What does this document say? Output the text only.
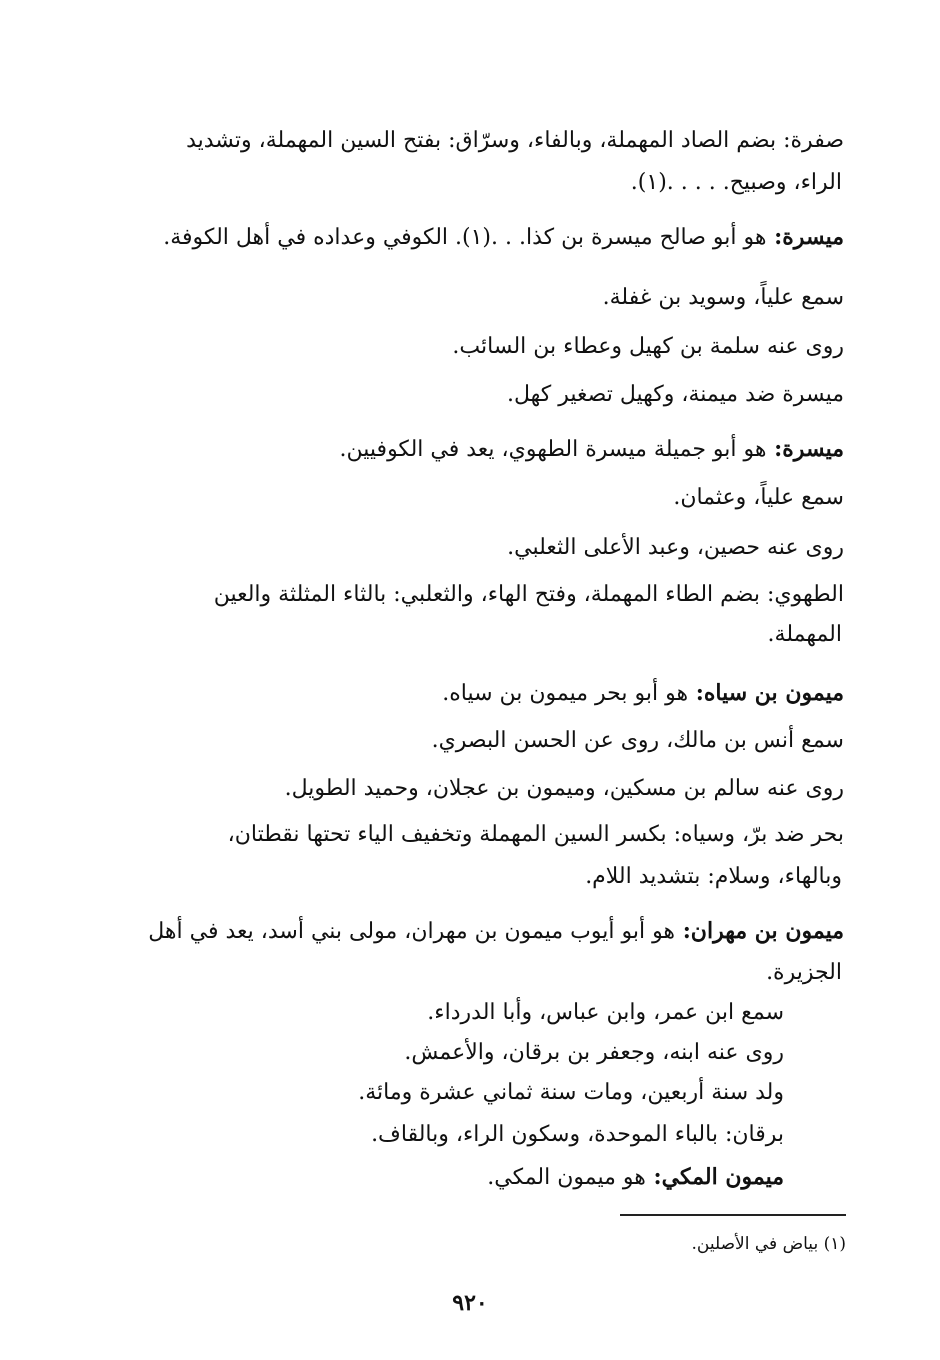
صفرة: بضم الصاد المهملة، وبالفاء، وسرّاق: بفتح السين المهملة، وتشديد
الراء، وصبيح. . . . .(١).
ميسرة: هو أبو صالح ميسرة بن كذا. . .(١). الكوفي وعداده في أهل الكوفة.
سمع علياً، وسويد بن غفلة.
روى عنه سلمة بن كهيل وعطاء بن السائب.
ميسرة ضد ميمنة، وكهيل تصغير كهل.
ميسرة: هو أبو جميلة ميسرة الطهوي، يعد في الكوفيين.
سمع علياً، وعثمان.
روى عنه حصين، وعبد الأعلى الثعلبي.
الطهوي: بضم الطاء المهملة، وفتح الهاء، والثعلبي: بالثاء المثلثة والعين
المهملة.
ميمون بن سياه: هو أبو بحر ميمون بن سياه.
سمع أنس بن مالك، روى عن الحسن البصري.
روى عنه سالم بن مسكين، وميمون بن عجلان، وحميد الطويل.
بحر ضد برّ، وسياه: بكسر السين المهملة وتخفيف الياء تحتها نقطتان،
وبالهاء، وسلام: بتشديد اللام.
ميمون بن مهران: هو أبو أيوب ميمون بن مهران، مولى بني أسد، يعد في أهل
الجزيرة.
سمع ابن عمر، وابن عباس، وأبا الدرداء.
روى عنه ابنه، وجعفر بن برقان، والأعمش.
ولد سنة أربعين، ومات سنة ثماني عشرة ومائة.
برقان: بالباء الموحدة، وسكون الراء، وبالقاف.
ميمون المكي: هو ميمون المكي.
(١) بياض في الأصلين.
٩٢٠
